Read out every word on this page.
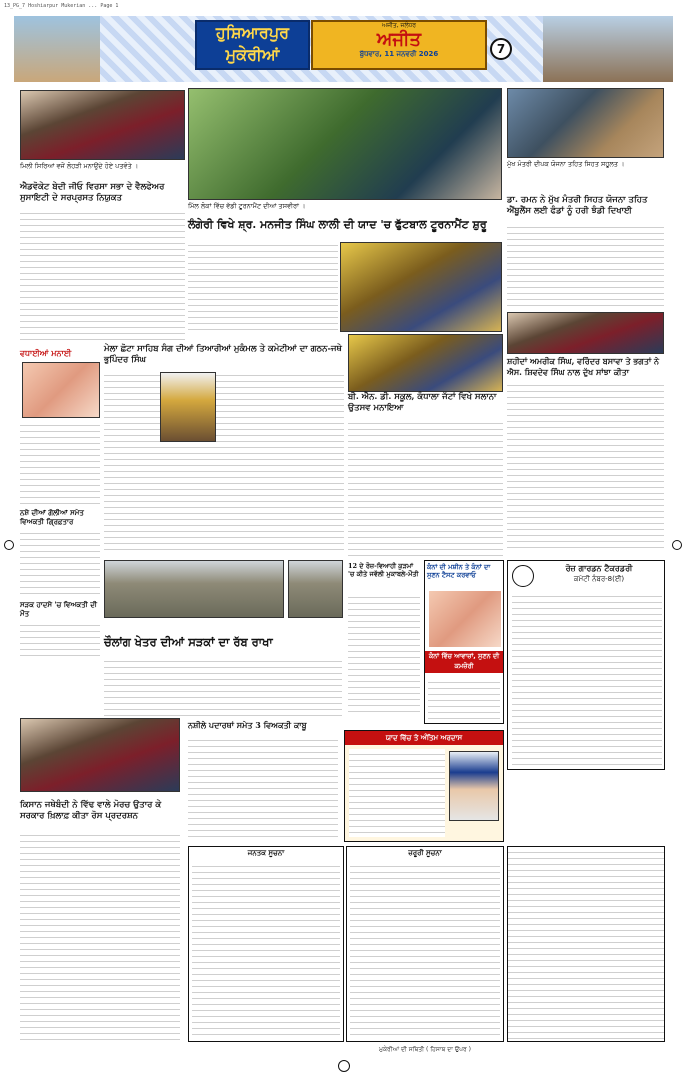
13_PG_7 Hoshiarpur Mukerian ... Page 1
ਹੁਸ਼ਿਆਰਪੁਰ
ਮੁਕੇਰੀਆਂ
ਅਜੀਤ, ਜਲੰਧਰ
ਅਜੀਤ
ਬੁੱਧਵਾਰ, 11 ਜਨਵਰੀ 2026	7
ਮਿਲੀ ਸਿਰਿਆਂ ਵਜੋਂ ਲੋਹੜੀ ਮਨਾਉਂਦੇ ਹੋਏ ਪਤਵੰਤੇ ।
ਐਡਵੋਕੇਟ ਬੇਦੀ ਜੀਓ ਵਿਰਸਾ ਸਭਾ ਦੇ ਵੈਲਫੇਅਰ ਸੁਸਾਇਟੀ ਦੇ ਸਰਪ੍ਰਸਤ ਨਿਯੁਕਤ
ਮਿੱਲ ਲੋਕਾਂ ਵਿੱਚ ਵੱਡੀ ਟੂਰਨਾਮੈਂਟ ਦੀਆਂ ਤਸਵੀਰਾਂ ।
ਲੰਗੇਰੀ ਵਿਖੇ ਸ਼੍ਰ. ਮਨਜੀਤ ਸਿੰਘ ਲਾਲੀ ਦੀ ਯਾਦ 'ਚ ਫੁੱਟਬਾਲ ਟੂਰਨਾਮੈਂਟ ਸ਼ੁਰੂ
ਮੁੱਖ ਮੰਤਰੀ ਦੀਪਕ ਯੋਜਨਾ ਤਹਿਤ ਸਿਹਤ ਸਹੂਲਤ ।
ਡਾ. ਰਮਨ ਨੇ ਮੁੱਖ ਮੰਤਰੀ ਸਿਹਤ ਯੋਜਨਾ ਤਹਿਤ ਐਂਬੂਲੈਂਸ ਲਈ ਫੰਡਾਂ ਨੂੰ ਹਰੀ ਝੰਡੀ ਦਿਖਾਈ
ਸ਼ਹੀਦਾਂ ਅਮਰੀਕ ਸਿੰਘ, ਵਰਿੰਦਰ ਬਸਾਵਾ ਤੇ ਭਗਤਾਂ ਨੇ ਐਸ. ਸ਼ਿਵਦੇਵ ਸਿੰਘ ਨਾਲ ਦੁੱਖ ਸਾਂਝਾ ਕੀਤਾ
ਵਧਾਈਆਂ ਮਨਾਈ
ਨਸ਼ੇ ਦੀਆਂ ਗੋਲੀਆਂ ਸਮੇਤ ਵਿਅਕਤੀ ਗ੍ਰਿਫ਼ਤਾਰ
ਸੜਕ ਹਾਦਸੇ 'ਚ ਵਿਅਕਤੀ ਦੀ ਮੌਤ
ਮੇਲਾ ਛੋਟਾ ਸਾਹਿਬ ਸੰਗ ਦੀਆਂ ਤਿਆਰੀਆਂ ਮੁਕੰਮਲ ਤੇ ਕਮੇਟੀਆਂ ਦਾ ਗਠਨ-ਜਥੇ ਭੁਪਿੰਦਰ ਸਿੰਘ
ਬੀ. ਐਨ. ਡੀ. ਸਕੂਲ, ਕੰਧਾਲਾ ਜੱਟਾਂ ਵਿਖੇ ਸਲਾਨਾ ਉਤਸਵ ਮਨਾਇਆ
ਚੌਲਾਂਗ ਖੇਤਰ ਦੀਆਂ ਸੜਕਾਂ ਦਾ ਰੱਬ ਰਾਖਾ
12 ਦੇ ਰੋਜ਼-ਵਿਆਹੀ ਕੁੜਮਾਂ 'ਚ ਕੀਤੇ ਜਵੱਲੀ ਮੁਕਾਬਲੇ-ਮੌਤੀ
ਕੰਨਾਂ ਦੀ ਮਸ਼ੀਨ ਤੇ ਕੰਨਾਂ ਦਾ ਸੁਣਨ ਟੈਸਟ ਕਰਵਾਓ
ਕੰਨਾਂ ਵਿੱਚ ਆਵਾਜ਼ਾਂ, ਸੁਣਨ ਦੀ ਕਮਜ਼ੋਰੀ
ਰੋਜ਼ ਗਾਰਡਨ ਟੈਕਰਡਰੀ
ਕਮੇਟੀ ਨੰਬਰ-8(ਈ)
ਕਿਸਾਨ ਜਥੇਬੰਦੀ ਨੇ ਵਿੱਢ ਵਾਲੇ ਮੋਰਚ ਉਤਾਰ ਕੇ ਸਰਕਾਰ ਖ਼ਿਲਾਫ਼ ਕੀਤਾ ਰੋਸ ਪ੍ਰਦਰਸ਼ਨ
ਨਸ਼ੀਲੇ ਪਦਾਰਥਾਂ ਸਮੇਤ 3 ਵਿਅਕਤੀ ਕਾਬੂ
ਯਾਦ ਵਿੱਚ ਤੇ ਅੰਤਿਮ ਅਰਦਾਸ
ਜਨਤਕ ਸੂਚਨਾ	ਜ਼ਰੂਰੀ ਸੂਚਨਾ
ਮੁਕੇਰੀਆਂ ਦੀ ਸਥਿਤੀ ( ਹਿਸਾਬ ਦਾ ਉਪਰ )
